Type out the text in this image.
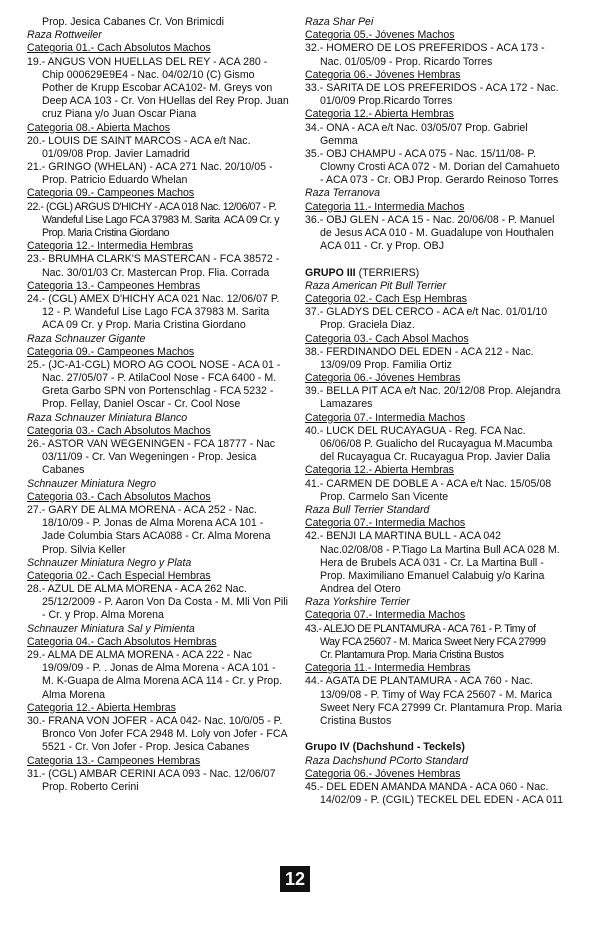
Prop. Jesica Cabanes Cr. Von Brimicdi
Raza Rottweiler
Categoria 01.- Cach Absolutos Machos
19.- ANGUS VON HUELLAS DEL REY - ACA 280 -
Chip 000629E9E4 - Nac. 04/02/10 (C) Gismo
Pother de Krupp Escobar ACA102- M. Greys von
Deep ACA 103 - Cr. Von HUellas del Rey Prop. Juan
cruz Piana y/o Juan Oscar Piana
Categoria 08.- Abierta Machos
20.- LOUIS DE SAINT MARCOS - ACA e/t Nac.
01/09/08 Prop. Javier Lamadrid
21.- GRINGO (WHELAN) - ACA 271 Nac. 20/10/05 -
Prop. Patricio Eduardo Whelan
Categoria 09.- Campeones Machos
22.- (CGL) ARGUS D'HICHY - ACA 018 Nac. 12/06/07 - P.
Wandeful Lise Lago FCA 37983 M. Sarita  ACA 09 Cr. y
Prop. Maria Cristina Giordano
Categoria 12.- Intermedia Hembras
23.- BRUMHA CLARK'S MASTERCAN - FCA 38572 -
Nac. 30/01/03 Cr. Mastercan Prop. Flia. Corrada
Categoria 13.- Campeones Hembras
24.- (CGL) AMEX D'HICHY ACA 021 Nac. 12/06/07 P.
12 - P. Wandeful Lise Lago FCA 37983 M. Sarita
ACA 09 Cr. y Prop. Maria Cristina Giordano
Raza Schnauzer Gigante
Categoria 09.- Campeones Machos
25.- (JC-A1-CGL) MORO AG COOL NOSE - ACA 01 -
Nac. 27/05/07 - P. AtilaCool Nose - FCA 6400 - M.
Greta Garbo SPN von Portenschlag - FCA 5232 -
Prop. Fellay, Daniel Oscar - Cr. Cool Nose
Raza Schnauzer Miniatura Blanco
Categoria 03.- Cach Absolutos Machos
26.- ASTOR VAN WEGENINGEN - FCA 18777 - Nac
03/11/09 - Cr. Van Wegeningen - Prop. Jesica
Cabanes
Schnauzer Miniatura Negro
Categoria 03.- Cach Absolutos Machos
27.- GARY DE ALMA MORENA - ACA 252 - Nac.
18/10/09 - P. Jonas de Alma Morena ACA 101 -
Jade Columbia Stars ACA088 - Cr. Alma Morena
Prop. Silvia Keller
Schnauzer Miniatura Negro y Plata
Categoria 02.- Cach Especial Hembras
28.- AZUL DE ALMA MORENA - ACA 262 Nac.
25/12/2009 - P. Aaron Von Da Costa - M. Mli Von Pili
- Cr. y Prop. Alma Morena
Schnauzer Miniatura Sal y Pimienta
Categoria 04.- Cach Absolutos Hembras
29.- ALMA DE ALMA MORENA - ACA 222 - Nac
19/09/09 - P. . Jonas de Alma Morena - ACA 101 -
M. K-Guapa de Alma Morena ACA 114 - Cr. y Prop.
Alma Morena
Categoria 12.- Abierta Hembras
30.- FRANA VON JOFER - ACA 042- Nac. 10/0/05 - P.
Bronco Von Jofer FCA 2948 M. Loly von Jofer - FCA
5521 - Cr. Von Jofer - Prop. Jesica Cabanes
Categoria 13.- Campeones Hembras
31.- (CGL) AMBAR CERINI ACA 093 - Nac. 12/06/07
Prop. Roberto Cerini
Raza Shar Pei
Categoria 05.- Jóvenes Machos
32.- HOMERO DE LOS PREFERIDOS - ACA 173 -
Nac. 01/05/09 - Prop. Ricardo Torres
Categoria 06.- Jóvenes Hembras
33.- SARITA DE LOS PREFERIDOS - ACA 172 - Nac.
01/0/09 Prop.Ricardo Torres
Categoria 12.- Abierta Hembras
34.- ONA - ACA e/t Nac. 03/05/07 Prop. Gabriel
Gemma
35.- OBJ CHAMPU - ACA 075 - Nac. 15/11/08- P.
Clowny Crosti ACA 072 - M. Dorian del Camahueto
- ACA 073 - Cr. OBJ Prop. Gerardo Reinoso Torres
Raza Terranova
Categoria 11.- Intermedia Machos
36.- OBJ GLEN - ACA 15 - Nac. 20/06/08 - P. Manuel
de Jesus ACA 010 - M. Guadalupe von Houthalen
ACA 011 - Cr. y Prop. OBJ
GRUPO III (TERRIERS)
Raza American Pit Bull Terrier
Categoria 02.- Cach Esp Hembras
37.- GLADYS DEL CERCO - ACA e/t Nac. 01/01/10
Prop. Graciela Diaz.
Categoria 03.- Cach Absol Machos
38.- FERDINANDO DEL EDEN - ACA 212 - Nac.
13/09/09 Prop. Familia Ortiz
Categoria 06.- Jóvenes Hembras
39.- BELLA PIT ACA e/t Nac. 20/12/08 Prop. Alejandra
Lamazares
Categoria 07.- Intermedia Machos
40.- LUCK DEL RUCAYAGUA - Reg. FCA Nac.
06/06/08 P. Gualicho del Rucayagua M.Macumba
del Rucayagua Cr. Rucayagua Prop. Javier Dalia
Categoria 12.- Abierta Hembras
41.- CARMEN DE DOBLE A - ACA e/t Nac. 15/05/08
Prop. Carmelo San Vicente
Raza Bull Terrier Standard
Categoria 07.- Intermedia Machos
42.- BENJI LA MARTINA BULL - ACA 042
Nac.02/08/08 - P.Tiago La Martina Bull ACA 028 M.
Hera de Brubels ACA 031 - Cr. La Martina Bull -
Prop. Maximiliano Emanuel Calabuig y/o Karina
Andrea del Otero
Raza Yorkshire Terrier
Categoria 07.- Intermedia Machos
43.- ALEJO DE PLANTAMURA - ACA 761 - P. Timy of
Way FCA 25607 - M. Marica Sweet Nery FCA 27999
Cr. Plantamura Prop. Maria Cristina Bustos
Categoria 11.- Intermedia Hembras
44.- AGATA DE PLANTAMURA - ACA 760 - Nac.
13/09/08 - P. Timy of Way FCA 25607 - M. Marica
Sweet Nery FCA 27999 Cr. Plantamura Prop. Maria
Cristina Bustos
Grupo IV (Dachshund - Teckels)
Raza Dachshund PCorto Standard
Categoria 06.- Jóvenes Hembras
45.- DEL EDEN AMANDA MANDA - ACA 060 - Nac.
14/02/09 - P. (CGIL) TECKEL DEL EDEN - ACA 011
12
